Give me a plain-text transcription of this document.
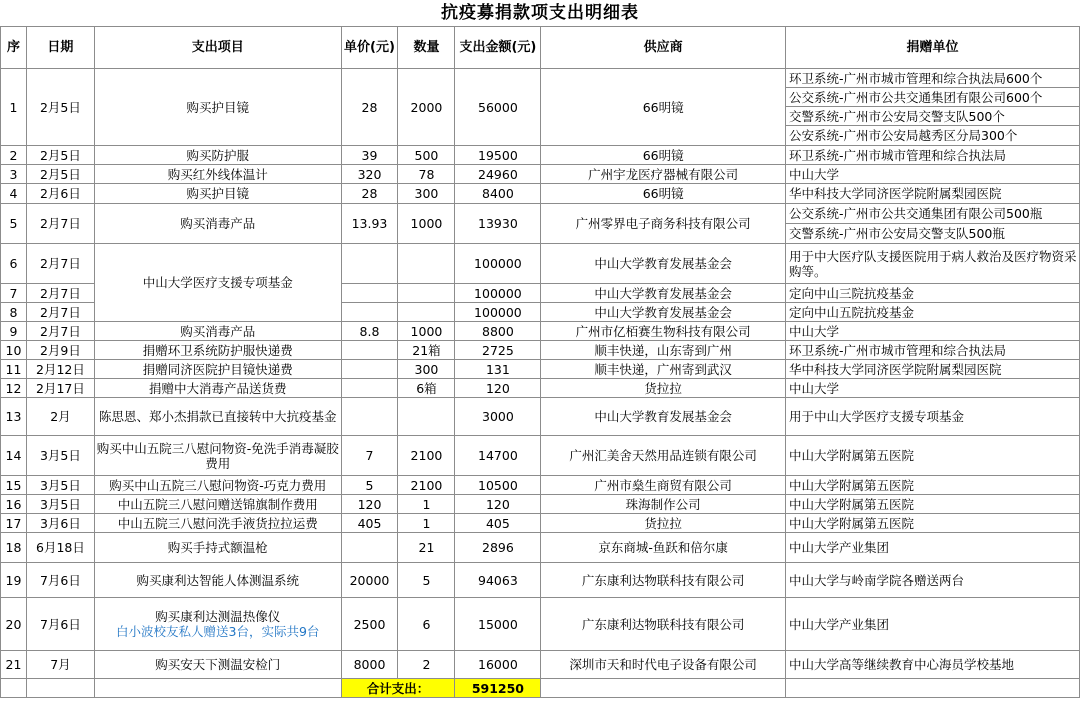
抗疫募捐款项支出明细表
序	日期	支出项目	单价(元)	数量	支出金额(元)	供应商	捐赠单位
1	2月5日	购买护目镜	28	2000	56000	66明镜	环卫系统-广州市城市管理和综合执法局600个
							公交系统-广州市公共交通集团有限公司600个
							交警系统-广州市公安局交警支队500个
							公安系统-广州市公安局越秀区分局300个
2	2月5日	购买防护服	39	500	19500	66明镜	环卫系统-广州市城市管理和综合执法局
3	2月5日	购买红外线体温计	320	78	24960	广州宇龙医疗器械有限公司	中山大学
4	2月6日	购买护目镜	28	300	8400	66明镜	华中科技大学同济医学院附属梨园医院
5	2月7日	购买消毒产品	13.93	1000	13930	广州零界电子商务科技有限公司	公交系统-广州市公共交通集团有限公司500瓶
							交警系统-广州市公安局交警支队500瓶
6	2月7日	中山大学医疗支援专项基金			100000	中山大学教育发展基金会	用于中大医疗队支援医院用于病人救治及医疗物资采购等。
7	2月7日				100000	中山大学教育发展基金会	定向中山三院抗疫基金
8	2月7日				100000	中山大学教育发展基金会	定向中山五院抗疫基金
9	2月7日	购买消毒产品	8.8	1000	8800	广州市亿栢赛生物科技有限公司	中山大学
10	2月9日	捐赠环卫系统防护服快递费		21箱	2725	顺丰快递，山东寄到广州	环卫系统-广州市城市管理和综合执法局
11	2月12日	捐赠同济医院护目镜快递费		300	131	顺丰快递，广州寄到武汉	华中科技大学同济医学院附属梨园医院
12	2月17日	捐赠中大消毒产品送货费		6箱	120	货拉拉	中山大学
13	2月	陈思恩、郑小杰捐款已直接转中大抗疫基金			3000	中山大学教育发展基金会	用于中山大学医疗支援专项基金
14	3月5日	购买中山五院三八慰问物资-免洗手消毒凝胶费用	7	2100	14700	广州汇美舍天然用品连锁有限公司	中山大学附属第五医院
15	3月5日	购买中山五院三八慰问物资-巧克力费用	5	2100	10500	广州市燊生商贸有限公司	中山大学附属第五医院
16	3月5日	中山五院三八慰问赠送锦旗制作费用	120	1	120	珠海制作公司	中山大学附属第五医院
17	3月6日	中山五院三八慰问洗手液货拉拉运费	405	1	405	货拉拉	中山大学附属第五医院
18	6月18日	购买手持式额温枪		21	2896	京东商城-鱼跃和倍尔康	中山大学产业集团
19	7月6日	购买康利达智能人体测温系统	20000	5	94063	广东康利达物联科技有限公司	中山大学与岭南学院各赠送两台
20	7月6日	购买康利达测温热像仪
白小波校友私人赠送3台，实际共9台	2500	6	15000	广东康利达物联科技有限公司	中山大学产业集团
21	7月	购买安天下测温安检门	8000	2	16000	深圳市天和时代电子设备有限公司	中山大学高等继续教育中心海员学校基地
			合计支出：		591250		
